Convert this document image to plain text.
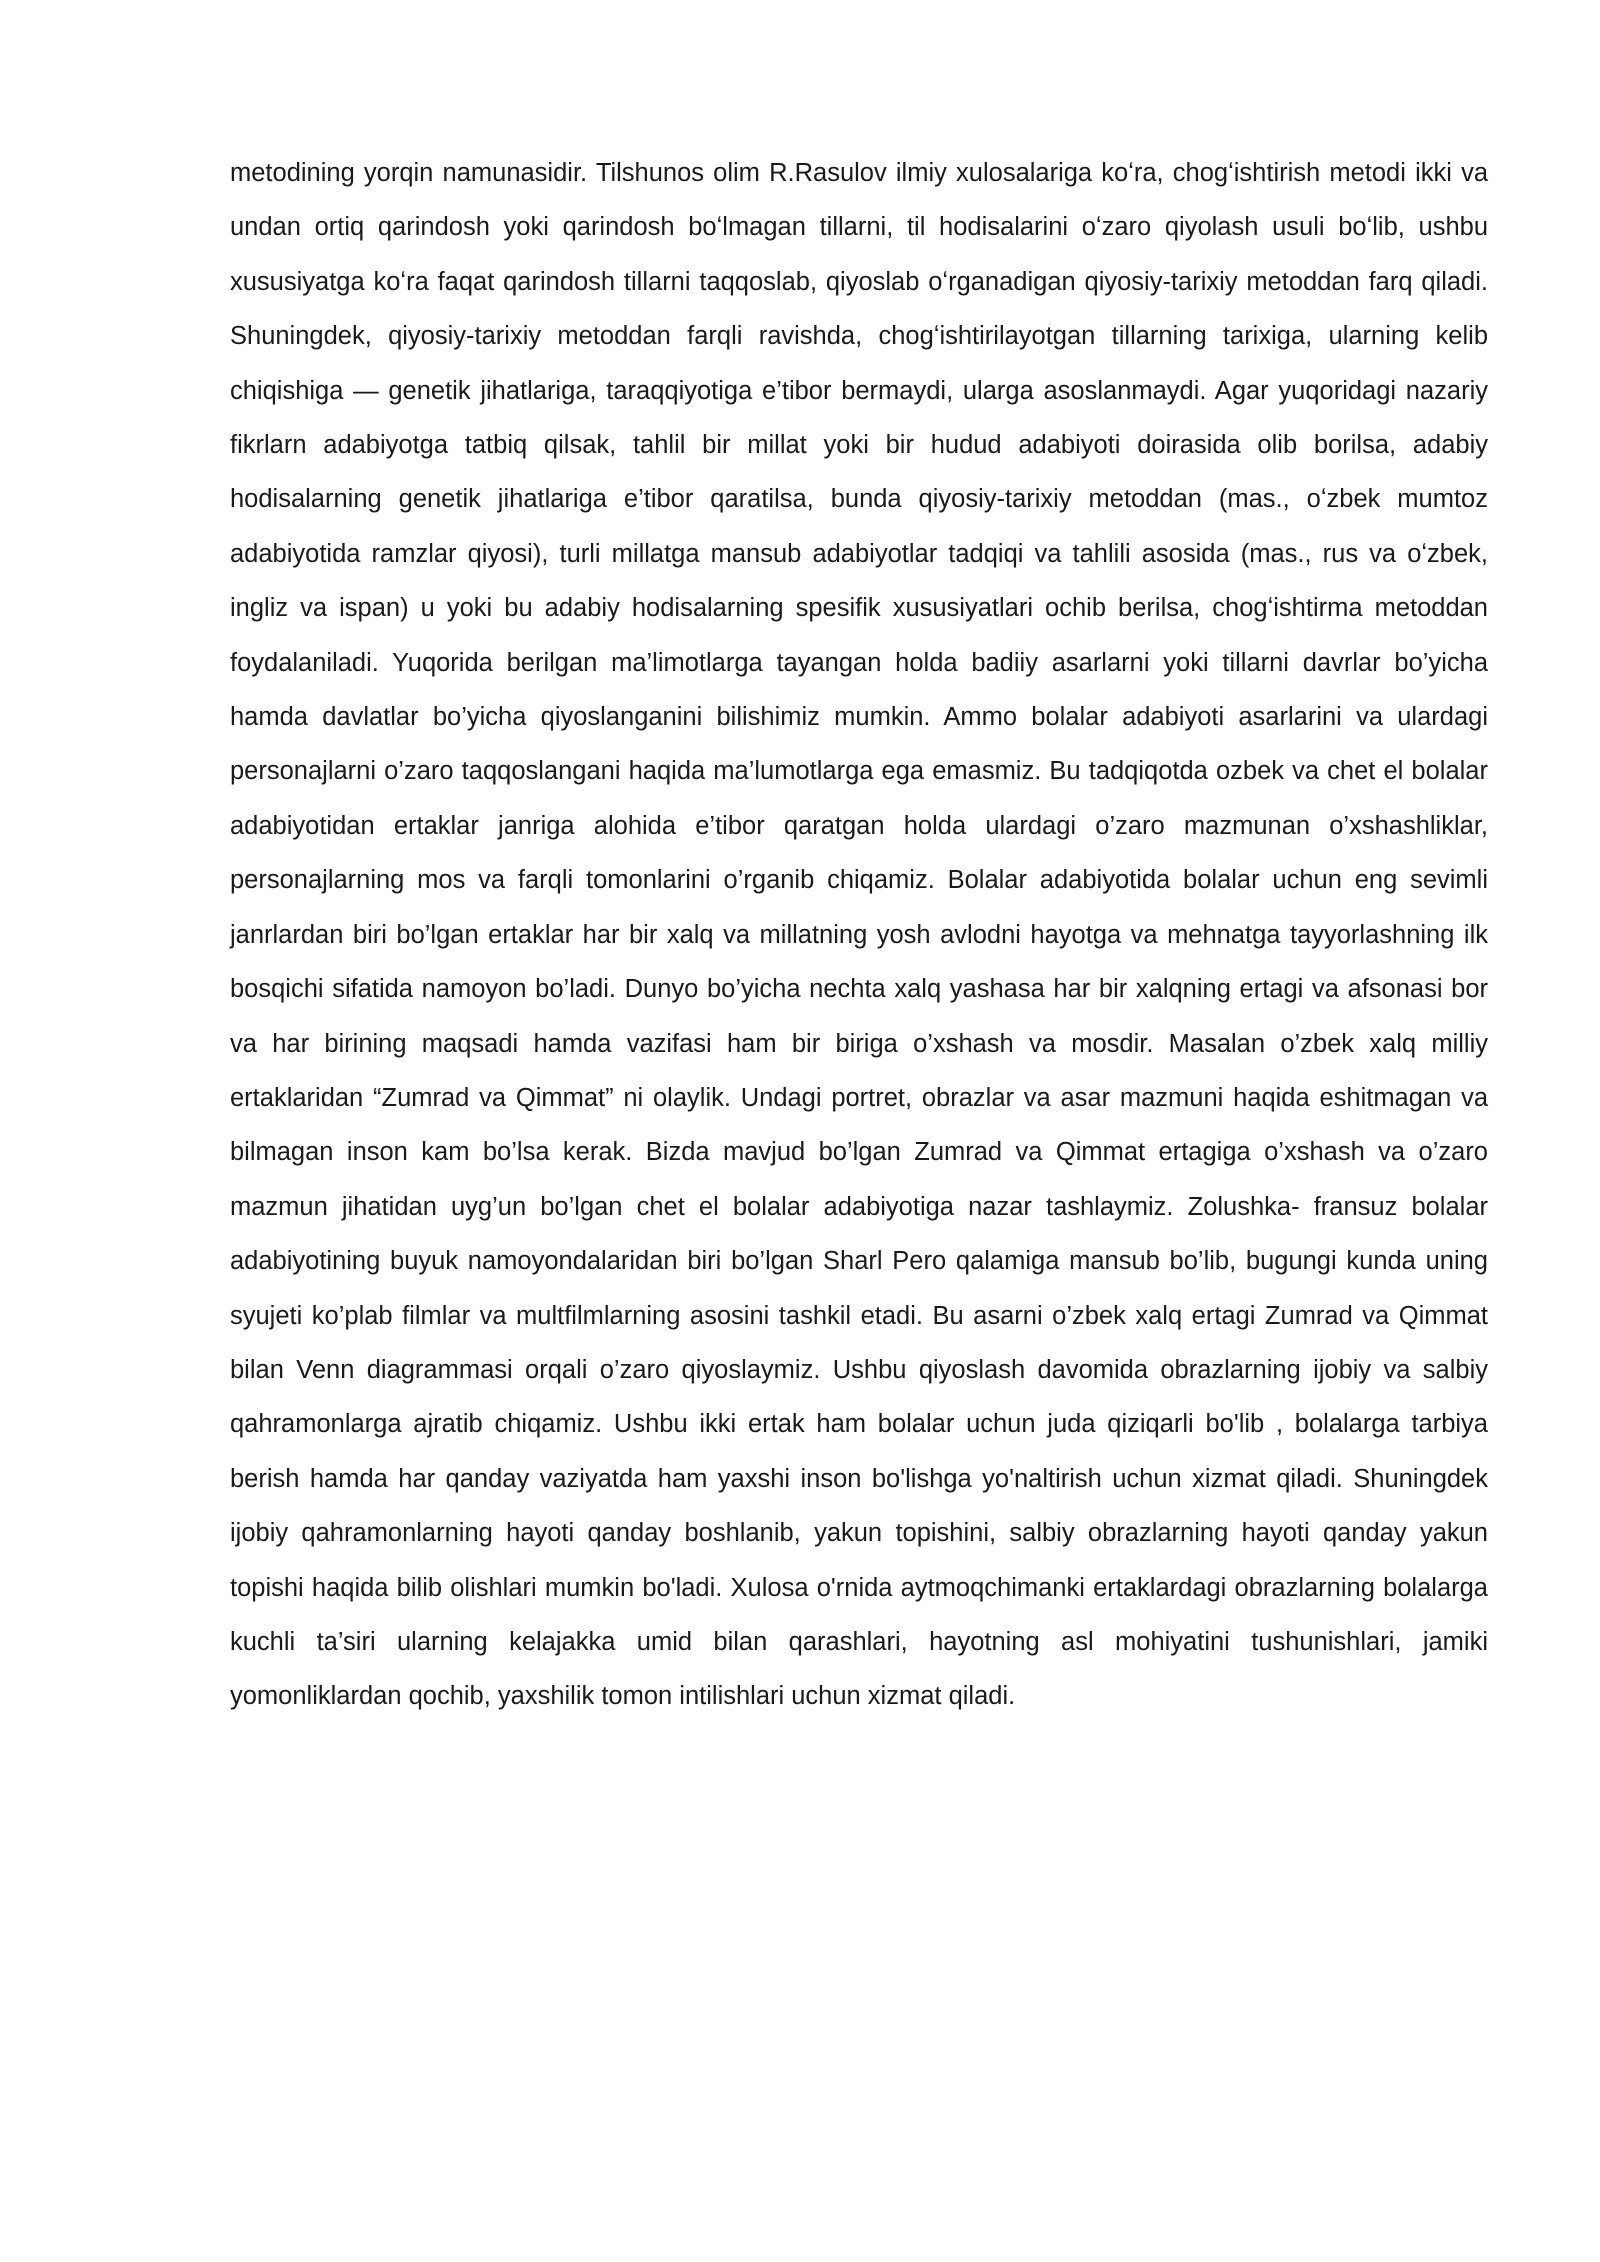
metodining yorqin namunasidir. Tilshunos olim R.Rasulov ilmiy xulosalariga koʻra, chogʻishtirish metodi ikki va undan ortiq qarindosh yoki qarindosh boʻlmagan tillarni, til hodisalarini oʻzaro qiyolash usuli boʻlib, ushbu xususiyatga koʻra faqat qarindosh tillarni taqqoslab, qiyoslab oʻrganadigan qiyosiy-tarixiy metoddan farq qiladi. Shuningdek, qiyosiy-tarixiy metoddan farqli ravishda, chogʻishtirilayotgan tillarning tarixiga, ularning kelib chiqishiga — genetik jihatlariga, taraqqiyotiga e’tibor bermaydi, ularga asoslanmaydi. Agar yuqoridagi nazariy fikrlarn adabiyotga tatbiq qilsak, tahlil bir millat yoki bir hudud adabiyoti doirasida olib borilsa, adabiy hodisalarning genetik jihatlariga e’tibor qaratilsa, bunda qiyosiy-tarixiy metoddan (mas., oʻzbek mumtoz adabiyotida ramzlar qiyosi), turli millatga mansub adabiyotlar tadqiqi va tahlili asosida (mas., rus va oʻzbek, ingliz va ispan) u yoki bu adabiy hodisalarning spesifik xususiyatlari ochib berilsa, chogʻishtirma metoddan foydalaniladi. Yuqorida berilgan ma’limotlarga tayangan holda badiiy asarlarni yoki tillarni davrlar bo’yicha hamda davlatlar bo’yicha qiyoslanganini bilishimiz mumkin. Ammo bolalar adabiyoti asarlarini va ulardagi personajlarni o’zaro taqqoslangani haqida ma’lumotlarga ega emasmiz. Bu tadqiqotda ozbek va chet el bolalar adabiyotidan ertaklar janriga alohida e’tibor qaratgan holda ulardagi o’zaro mazmunan o’xshashliklar, personajlarning mos va farqli tomonlarini o’rganib chiqamiz. Bolalar adabiyotida bolalar uchun eng sevimli janrlardan biri bo’lgan ertaklar har bir xalq va millatning yosh avlodni hayotga va mehnatga tayyorlashning ilk bosqichi sifatida namoyon bo’ladi. Dunyo bo’yicha nechta xalq yashasa har bir xalqning ertagi va afsonasi bor va har birining maqsadi hamda vazifasi ham bir biriga o’xshash va mosdir. Masalan o’zbek xalq milliy ertaklaridan “Zumrad va Qimmat” ni olaylik. Undagi portret, obrazlar va asar mazmuni haqida eshitmagan va bilmagan inson kam bo’lsa kerak. Bizda mavjud bo’lgan Zumrad va Qimmat ertagiga o’xshash va o’zaro mazmun jihatidan uyg’un bo’lgan chet el bolalar adabiyotiga nazar tashlaymiz. Zolushka- fransuz bolalar adabiyotining buyuk namoyondalaridan biri bo’lgan Sharl Pero qalamiga mansub bo’lib, bugungi kunda uning syujeti ko’plab filmlar va multfilmlarning asosini tashkil etadi. Bu asarni o’zbek xalq ertagi Zumrad va Qimmat bilan Venn diagrammasi orqali o’zaro qiyoslaymiz. Ushbu qiyoslash davomida obrazlarning ijobiy va salbiy qahramonlarga ajratib chiqamiz. Ushbu ikki ertak ham bolalar uchun juda qiziqarli bo'lib , bolalarga tarbiya berish hamda har qanday vaziyatda ham yaxshi inson bo'lishga yo'naltirish uchun xizmat qiladi. Shuningdek ijobiy qahramonlarning hayoti qanday boshlanib, yakun topishini, salbiy obrazlarning hayoti qanday yakun topishi haqida bilib olishlari mumkin bo'ladi. Xulosa o'rnida aytmoqchimanki ertaklardagi obrazlarning bolalarga kuchli ta’siri ularning kelajakka umid bilan qarashlari, hayotning asl mohiyatini tushunishlari, jamiki yomonliklardan qochib, yaxshilik tomon intilishlari uchun xizmat qiladi.
